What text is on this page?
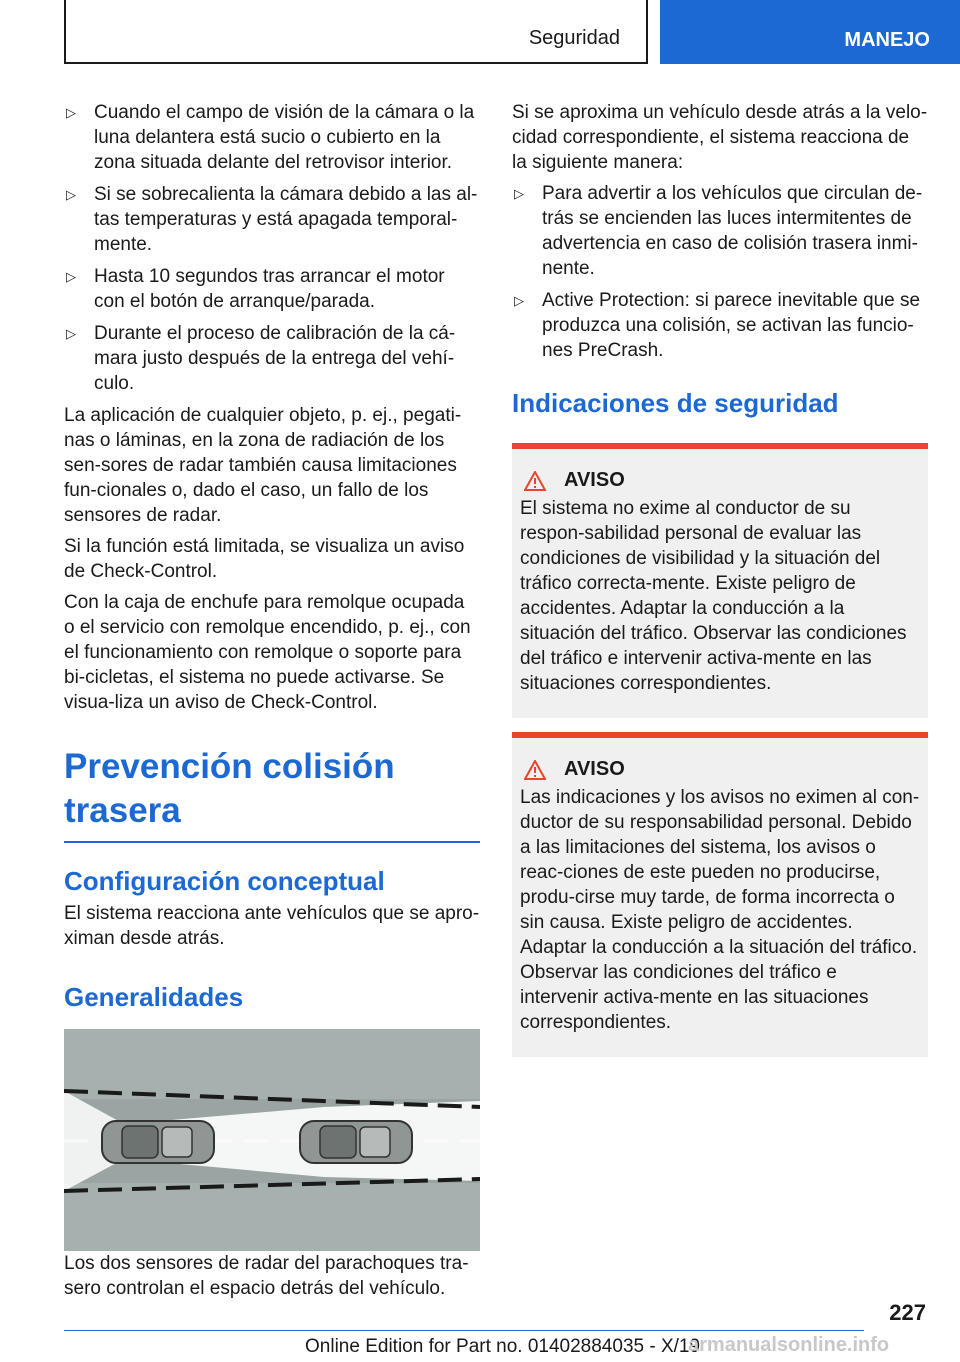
Seguridad	MANEJO
▷ Cuando el campo de visión de la cámara o la luna delantera está sucio o cubierto en la zona situada delante del retrovisor interior.
▷ Si se sobrecalienta la cámara debido a las al-tas temperaturas y está apagada temporal-mente.
▷ Hasta 10 segundos tras arrancar el motor con el botón de arranque/parada.
▷ Durante el proceso de calibración de la cá-mara justo después de la entrega del vehí-culo.

La aplicación de cualquier objeto, p. ej., pegati-nas o láminas, en la zona de radiación de los sen-sores de radar también causa limitaciones fun-cionales o, dado el caso, un fallo de los sensores de radar.

Si la función está limitada, se visualiza un aviso de Check-Control.

Con la caja de enchufe para remolque ocupada o el servicio con remolque encendido, p. ej., con el funcionamiento con remolque o soporte para bi-cicletas, el sistema no puede activarse. Se visua-liza un aviso de Check-Control.

Prevención colisión trasera
Configuración conceptual

El sistema reacciona ante vehículos que se apro-ximan desde atrás.

Generalidades

Los dos sensores de radar del parachoques tra-sero controlan el espacio detrás del vehículo.

Si se aproxima un vehículo desde atrás a la velo-cidad correspondiente, el sistema reacciona de la siguiente manera:

▷ Para advertir a los vehículos que circulan de-trás se encienden las luces intermitentes de advertencia en caso de colisión trasera inmi-nente.
▷ Active Protection: si parece inevitable que se produzca una colisión, se activan las funcio-nes PreCrash.
Indicaciones de seguridad
AVISO

El sistema no exime al conductor de su respon-sabilidad personal de evaluar las condiciones de visibilidad y la situación del tráfico correcta-mente. Existe peligro de accidentes. Adaptar la conducción a la situación del tráfico. Observar las condiciones del tráfico e intervenir activa-mente en las situaciones correspondientes.

AVISO

Las indicaciones y los avisos no eximen al con-ductor de su responsabilidad personal. Debido a las limitaciones del sistema, los avisos o reac-ciones de este pueden no producirse, produ-cirse muy tarde, de forma incorrecta o sin causa. Existe peligro de accidentes. Adaptar la conducción a la situación del tráfico. Observar las condiciones del tráfico e intervenir activa-mente en las situaciones correspondientes.

227
Online Edition for Part no. 01402884035 - X/19
armanualsonline.info
